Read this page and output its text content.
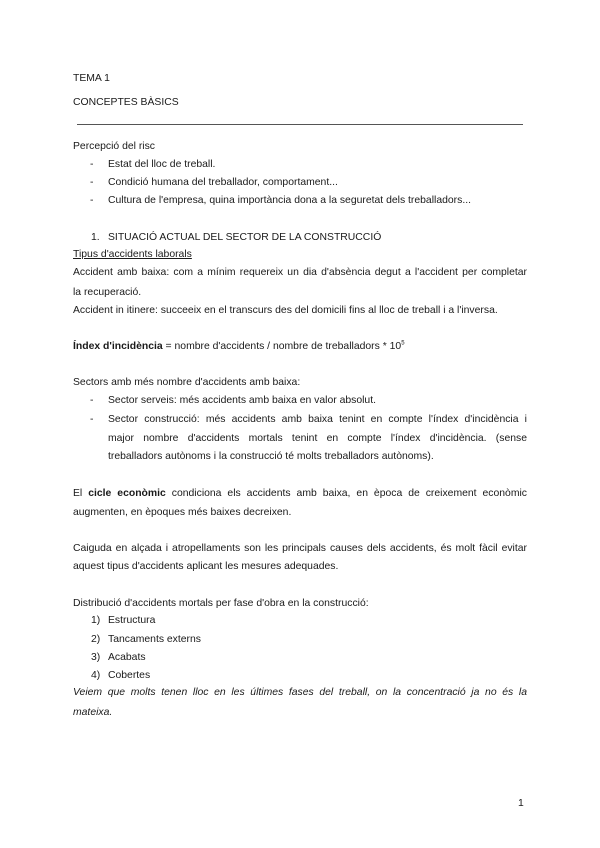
TEMA 1
CONCEPTES BÀSICS
Percepció del risc
- Estat del lloc de treball.
- Condició humana del treballador, comportament...
- Cultura de l'empresa, quina importància dona a la seguretat dels treballadors...
1. SITUACIÓ ACTUAL DEL SECTOR DE LA CONSTRUCCIÓ
Tipus d'accidents laborals
Accident amb baixa: com a mínim requereix un dia d'absència degut a l'accident per completar
la recuperació.
Accident in itinere: succeeix en el transcurs des del domicili fins al lloc de treball i a l'inversa.
Índex d'incidència = nombre d'accidents / nombre de treballadors * $10^5$
Sectors amb més nombre d'accidents amb baixa:
- Sector serveis: més accidents amb baixa en valor absolut.
- Sector construcció: més accidents amb baixa tenint en compte l'índex d'incidència i
major nombre d'accidents mortals tenint en compte l'índex d'incidència. (sense
treballadors autònoms i la construcció té molts treballadors autònoms).
El cicle econòmic condiciona els accidents amb baixa, en època de creixement econòmic
augmenten, en èpoques més baixes decreixen.
Caiguda en alçada i atropellaments son les principals causes dels accidents, és molt fàcil evitar
aquest tipus d'accidents aplicant les mesures adequades.
Distribució d'accidents mortals per fase d'obra en la construcció:
1) Estructura
2) Tancaments externs
3) Acabats
4) Cobertes
Veiem que molts tenen lloc en les últimes fases del treball, on la concentració ja no és la
mateixa.
1
